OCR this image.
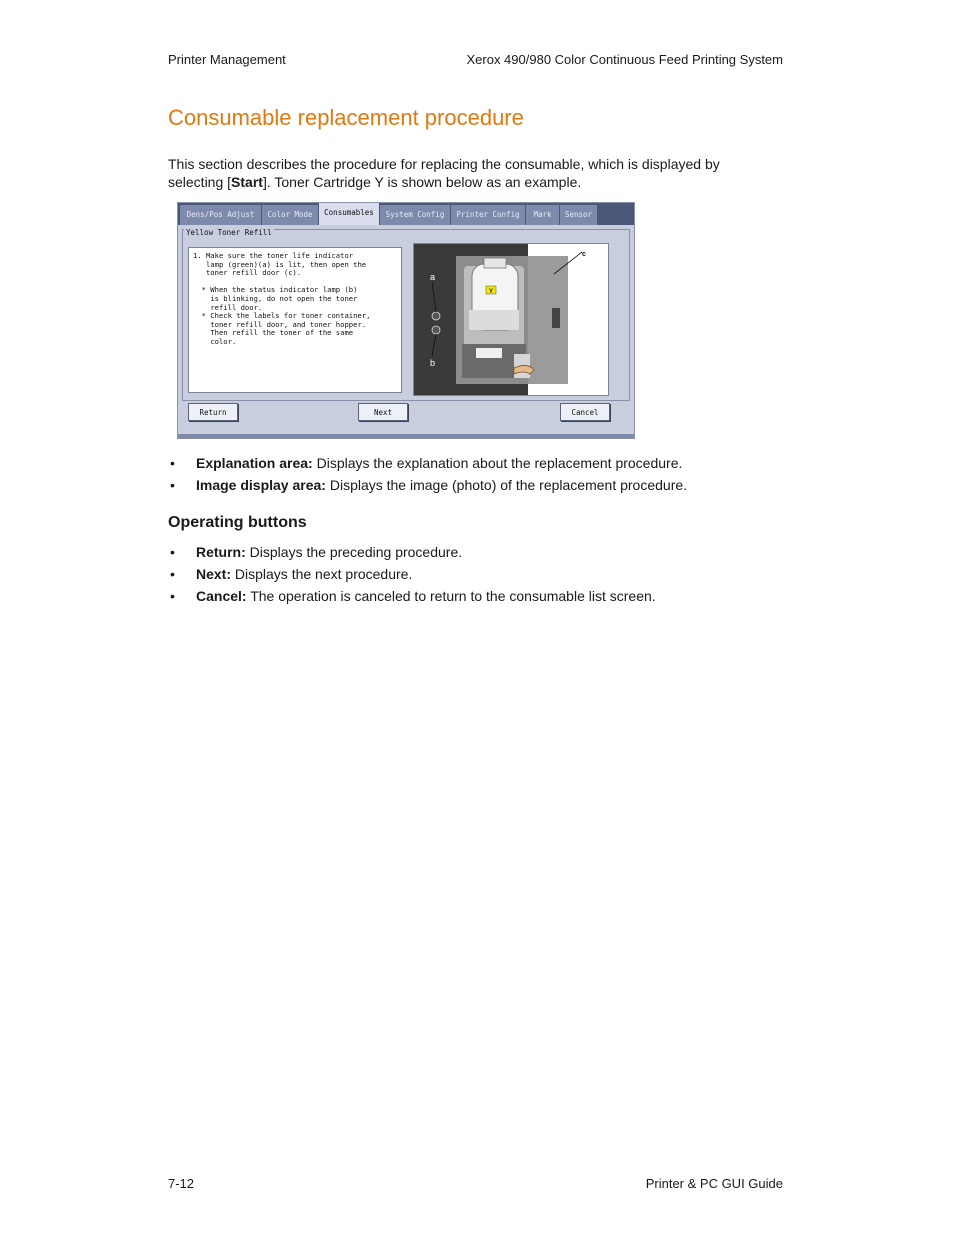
Printer Management	Xerox 490/980 Color Continuous Feed Printing System
Consumable replacement procedure

This section describes the procedure for replacing the consumable, which is displayed by selecting [Start]. Toner Cartridge Y is shown below as an example.

Dens/Pos Adjust	Color Mode	Consumables	System Config	Printer Config	Mark	Sensor
Yellow Toner Refill
1. Make sure the toner life indicator
lamp (green)(a) is lit, then open the
toner refill door (c).

* When the status indicator lamp (b)
is blinking, do not open the toner
refill door.
* Check the labels for toner container,
toner refill door, and toner hopper.
Then refill the toner of the same
color.
Y
a
b
c
Return	Next	Cancel
• Explanation area: Displays the explanation about the replacement procedure.
• Image display area: Displays the image (photo) of the replacement procedure.
Operating buttons
• Return: Displays the preceding procedure.
• Next: Displays the next procedure.
• Cancel: The operation is canceled to return to the consumable list screen.
7-12	Printer & PC GUI Guide
